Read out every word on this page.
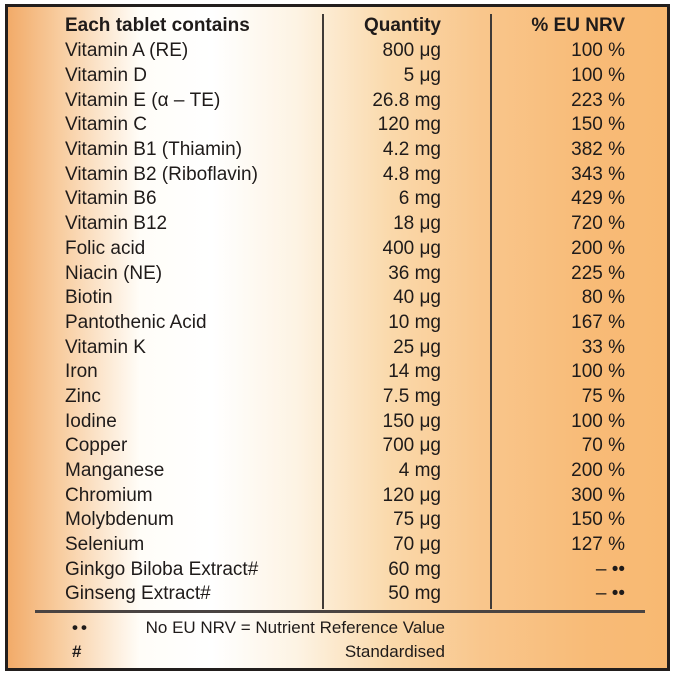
Each tablet contains	Quantity	% EU NRV
Vitamin A (RE)	800 μg	100 %
Vitamin D	5 μg	100 %
Vitamin E (α – TE)	26.8 mg	223 %
Vitamin C	120 mg	150 %
Vitamin B1 (Thiamin)	4.2 mg	382 %
Vitamin B2 (Riboflavin)	4.8 mg	343 %
Vitamin B6	6 mg	429 %
Vitamin B12	18 μg	720 %
Folic acid	400 μg	200 %
Niacin (NE)	36 mg	225 %
Biotin	40 μg	80 %
Pantothenic Acid	10 mg	167 %
Vitamin K	25 μg	33 %
Iron	14 mg	100 %
Zinc	7.5 mg	75 %
Iodine	150 μg	100 %
Copper	700 μg	70 %
Manganese	4 mg	200 %
Chromium	120 μg	300 %
Molybdenum	75 μg	150 %
Selenium	70 μg	127 %
Ginkgo Biloba Extract#	60 mg	– ••
Ginseng Extract#	50 mg	– ••
••	No EU NRV = Nutrient Reference Value
#	Standardised
